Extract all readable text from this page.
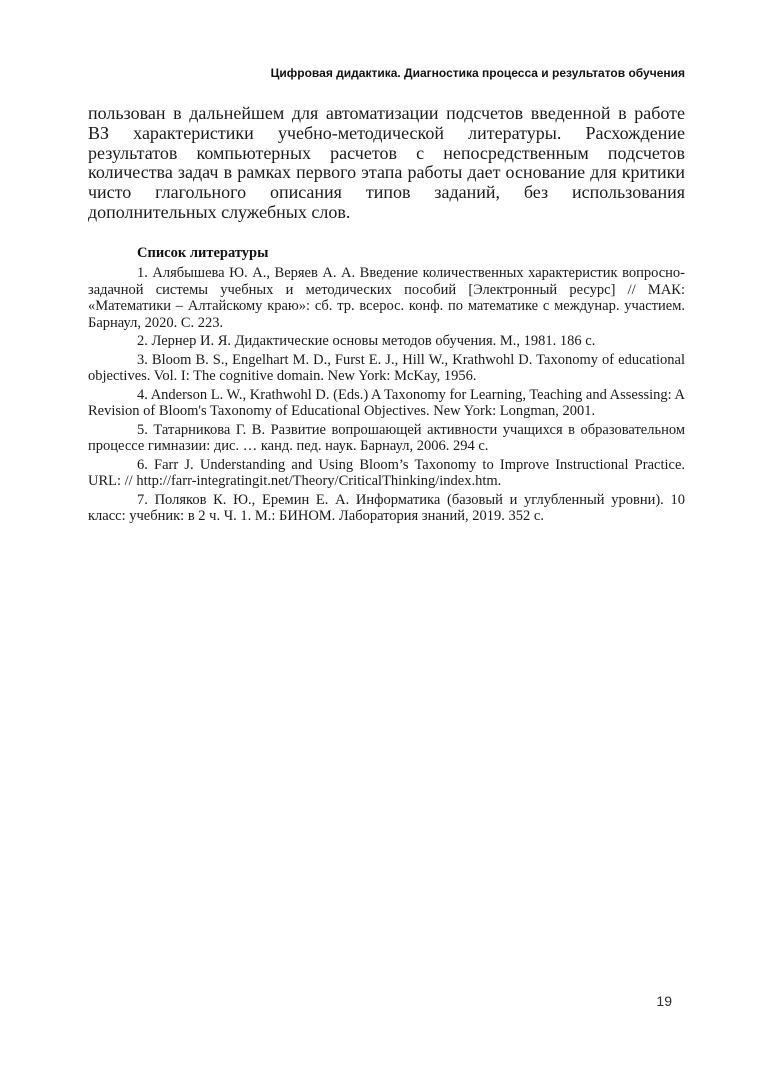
Цифровая дидактика. Диагностика процесса и результатов обучения

пользован в дальнейшем для автоматизации подсчетов введенной в работе ВЗ характеристики учебно-методической литературы. Расхождение результатов компьютерных расчетов с непосредственным подсчетов количества задач в рамках первого этапа работы дает основание для критики чисто глагольного описания типов заданий, без использования дополнительных служебных слов.

Список литературы

1. Алябышева Ю. А., Веряев А. А. Введение количественных характеристик вопросно-задачной системы учебных и методических пособий [Электронный ресурс] // МАК: «Математики – Алтайскому краю»: сб. тр. всерос. конф. по математике с междунар. участием. Барнаул, 2020. С. 223.

2. Лернер И. Я. Дидактические основы методов обучения. М., 1981. 186 с.

3. Bloom B. S., Engelhart M. D., Furst E. J., Hill W., Krathwohl D. Taxonomy of educational objectives. Vol. I: The cognitive domain. New York: McKay, 1956.

4. Anderson L. W., Krathwohl D. (Eds.) A Taxonomy for Learning, Teaching and Assessing: A Revision of Bloom's Taxonomy of Educational Objectives. New York: Longman, 2001.

5. Татарникова Г. В. Развитие вопрошающей активности учащихся в образовательном процессе гимназии: дис. … канд. пед. наук. Барнаул, 2006. 294 с.

6. Farr J. Understanding and Using Bloom’s Taxonomy to Improve Instructional Practice. URL: // http://farr-integratingit.net/Theory/CriticalThinking/index.htm.

7. Поляков К. Ю., Еремин Е. А. Информатика (базовый и углубленный уровни). 10 класс: учебник: в 2 ч. Ч. 1. М.: БИНОМ. Лаборатория знаний, 2019. 352 с.

19
